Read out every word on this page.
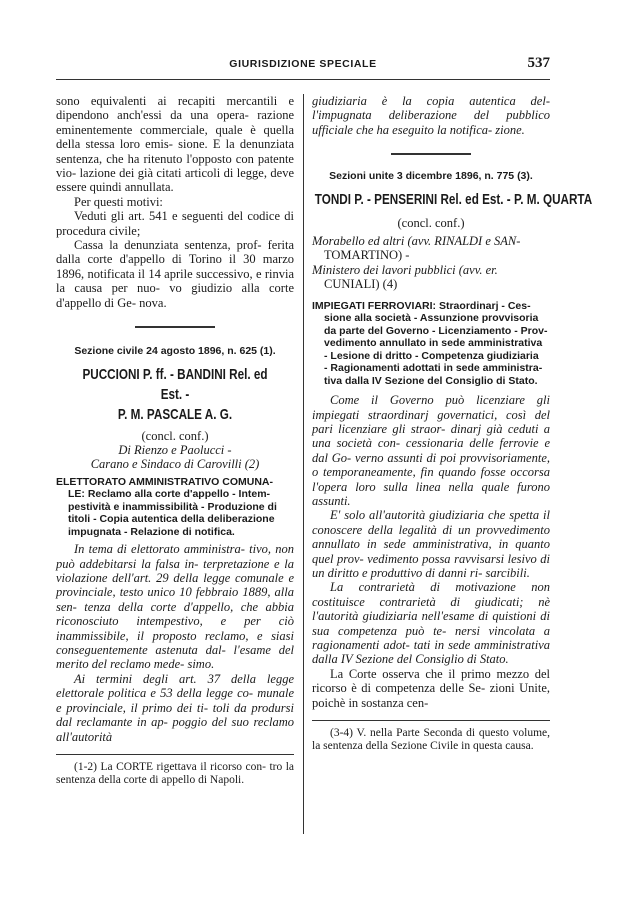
GIURISDIZIONE SPECIALE	537

sono equivalenti ai recapiti mercantili e dipendono anch'essi da una opera- razione eminentemente commerciale, quale è quella della stessa loro emis- sione. E la denunziata sentenza, che ha ritenuto l'opposto con patente vio- lazione dei già citati articoli di legge, deve essere quindi annullata.

Per questi motivi:

Veduti gli art. 541 e seguenti del codice di procedura civile;

Cassa la denunziata sentenza, prof- ferita dalla corte d'appello di Torino il 30 marzo 1896, notificata il 14 aprile successivo, e rinvia la causa per nuo- vo giudizio alla corte d'appello di Ge- nova.

Sezione civile 24 agosto 1896, n. 625 (1).
PUCCIONI P. ff. - BANDINI Rel. ed Est. -
P. M. PASCALE A. G.
(concl. conf.)
Di Rienzo e Paolucci -
Carano e Sindaco di Carovilli (2)
ELETTORATO AMMINISTRATIVO COMUNA-
LE: Reclamo alla corte d'appello - Intem-
pestività e inammissibilità - Produzione di
titoli - Copia autentica della deliberazione
impugnata - Relazione di notifica.

In tema di elettorato amministra- tivo, non può addebitarsi la falsa in- terpretazione e la violazione dell'art. 29 della legge comunale e provinciale, testo unico 10 febbraio 1889, alla sen- tenza della corte d'appello, che abbia riconosciuto intempestivo, e per ciò inammissibile, il proposto reclamo, e siasi conseguentemente astenuta dal- l'esame del merito del reclamo mede- simo.

Ai termini degli art. 37 della legge elettorale politica e 53 della legge co- munale e provinciale, il primo dei ti- toli da prodursi dal reclamante in ap- poggio del suo reclamo all'autorità

(1-2) La CORTE rigettava il ricorso con- tro la sentenza della corte di appello di Napoli.

giudiziaria è la copia autentica del- l'impugnata deliberazione del pubblico ufficiale che ha eseguito la notifica- zione.

Sezioni unite 3 dicembre 1896, n. 775 (3).
TONDI P. - PENSERINI Rel. ed Est. - P. M. QUARTA
(concl. conf.)

Morabello ed altri (avv. RINALDI e SAN-
TOMARTINO) -
Ministero dei lavori pubblici (avv. er.
CUNIALI) (4)

IMPIEGATI FERROVIARI: Straordinarj - Ces-
sione alla società - Assunzione provvisoria
da parte del Governo - Licenziamento - Prov-
vedimento annullato in sede amministrativa
- Lesione di dritto - Competenza giudiziaria
- Ragionamenti adottati in sede amministra-
tiva dalla IV Sezione del Consiglio di Stato.

Come il Governo può licenziare gli impiegati straordinarj governatici, così del pari licenziare gli straor- dinarj già ceduti a una società con- cessionaria delle ferrovie e dal Go- verno assunti di poi provvisoriamente, o temporaneamente, fin quando fosse occorsa l'opera loro sulla linea nella quale furono assunti.

E' solo all'autorità giudiziaria che spetta il conoscere della legalità di un provvedimento annullato in sede amministrativa, in quanto quel prov- vedimento possa ravvisarsi lesivo di un diritto e produttivo di danni ri- sarcibili.

La contrarietà di motivazione non costituisce contrarietà di giudicati; nè l'autorità giudiziaria nell'esame di quistioni di sua competenza può te- nersi vincolata a ragionamenti adot- tati in sede amministrativa dalla IV Sezione del Consiglio di Stato.

La Corte osserva che il primo mezzo del ricorso è di competenza delle Se- zioni Unite, poichè in sostanza cen-

(3-4) V. nella Parte Seconda di questo volume, la sentenza della Sezione Civile in questa causa.
